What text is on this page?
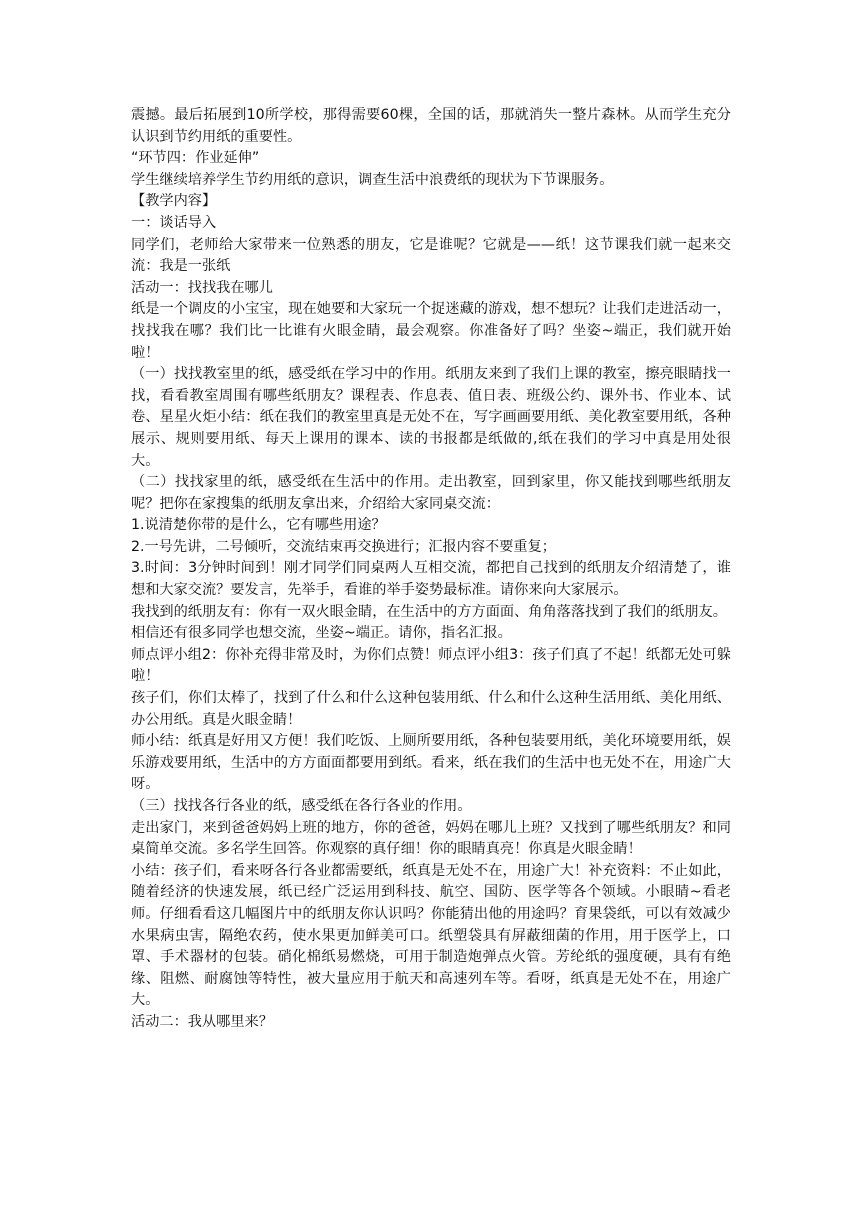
震撼。最后拓展到10所学校，那得需要60棵，全国的话，那就消失一整片森林。从而学生充分认识到节约用纸的重要性。

“环节四：作业延伸”

学生继续培养学生节约用纸的意识，调查生活中浪费纸的现状为下节课服务。

【教学内容】

一：谈话导入

同学们，老师给大家带来一位熟悉的朋友，它是谁呢？它就是——纸！这节课我们就一起来交流：我是一张纸

活动一：找找我在哪儿

纸是一个调皮的小宝宝，现在她要和大家玩一个捉迷藏的游戏，想不想玩？让我们走进活动一，找找我在哪？我们比一比谁有火眼金睛，最会观察。你准备好了吗？坐姿~端正，我们就开始啦！

（一）找找教室里的纸，感受纸在学习中的作用。纸朋友来到了我们上课的教室，擦亮眼睛找一找，看看教室周围有哪些纸朋友？课程表、作息表、值日表、班级公约、课外书、作业本、试卷、星星火炬小结：纸在我们的教室里真是无处不在，写字画画要用纸、美化教室要用纸，各种展示、规则要用纸、每天上课用的课本、读的书报都是纸做的,纸在我们的学习中真是用处很大。

（二）找找家里的纸，感受纸在生活中的作用。走出教室，回到家里，你又能找到哪些纸朋友呢？把你在家搜集的纸朋友拿出来，介绍给大家同桌交流：

1.说清楚你带的是什么，它有哪些用途？

2.一号先讲，二号倾听，交流结束再交换进行；汇报内容不要重复；

3.时间：3分钟时间到！刚才同学们同桌两人互相交流，都把自己找到的纸朋友介绍清楚了，谁想和大家交流？要发言，先举手，看谁的举手姿势最标准。请你来向大家展示。

我找到的纸朋友有：你有一双火眼金睛，在生活中的方方面面、角角落落找到了我们的纸朋友。

相信还有很多同学也想交流，坐姿~端正。请你，指名汇报。

师点评小组2：你补充得非常及时，为你们点赞！师点评小组3：孩子们真了不起！纸都无处可躲啦！

孩子们，你们太棒了，找到了什么和什么这种包装用纸、什么和什么这种生活用纸、美化用纸、办公用纸。真是火眼金睛！

师小结：纸真是好用又方便！我们吃饭、上厕所要用纸，各种包装要用纸，美化环境要用纸，娱乐游戏要用纸，生活中的方方面面都要用到纸。看来，纸在我们的生活中也无处不在，用途广大呀。

（三）找找各行各业的纸，感受纸在各行各业的作用。

走出家门，来到爸爸妈妈上班的地方，你的爸爸，妈妈在哪儿上班？又找到了哪些纸朋友？和同桌简单交流。多名学生回答。你观察的真仔细！你的眼睛真亮！你真是火眼金睛！

小结：孩子们，看来呀各行各业都需要纸，纸真是无处不在，用途广大！补充资料：不止如此，随着经济的快速发展，纸已经广泛运用到科技、航空、国防、医学等各个领域。小眼睛~看老师。仔细看看这几幅图片中的纸朋友你认识吗？你能猜出他的用途吗？育果袋纸，可以有效减少水果病虫害，隔绝农药，使水果更加鲜美可口。纸塑袋具有屏蔽细菌的作用，用于医学上，口罩、手术器材的包装。硝化棉纸易燃烧，可用于制造炮弹点火管。芳纶纸的强度硬，具有有绝缘、阻燃、耐腐蚀等特性，被大量应用于航天和高速列车等。看呀，纸真是无处不在，用途广大。

活动二：我从哪里来？
